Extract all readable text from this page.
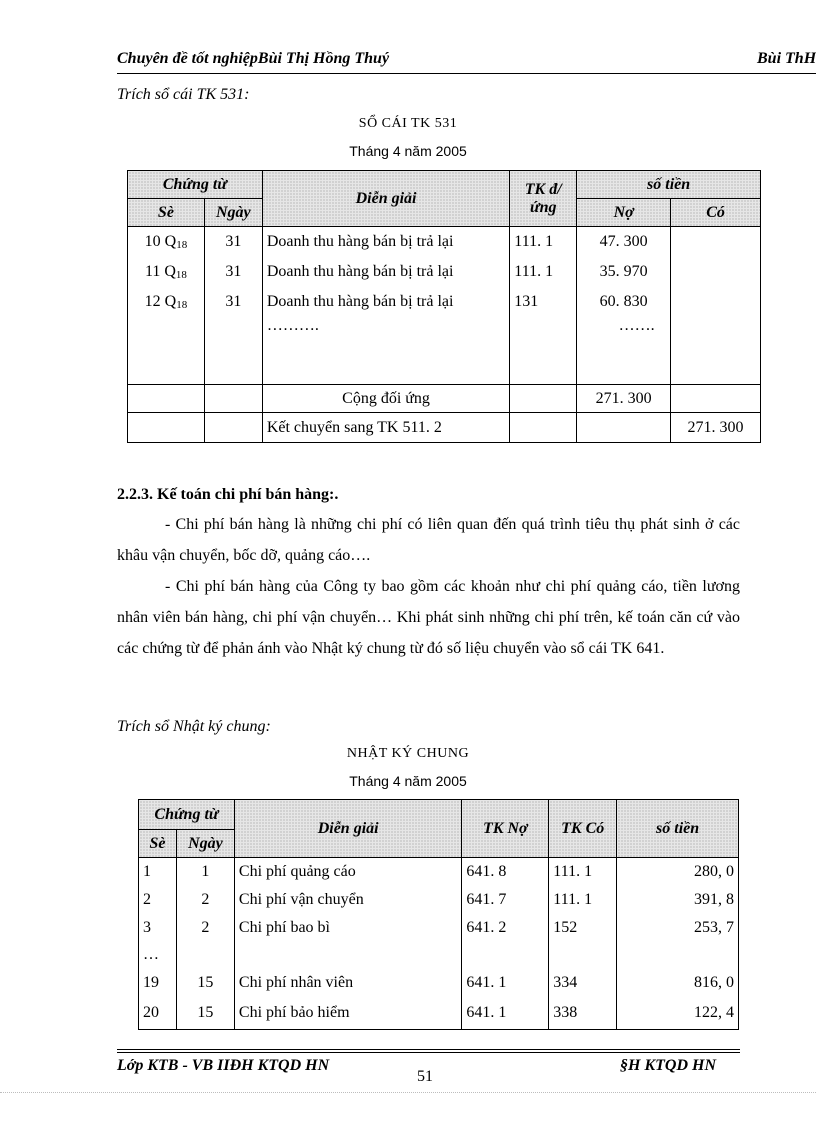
Chuyên đề tốt nghiệpBùi Thị Hồng Thuý	Bùi ThH
Trích sổ cái TK 531:
SỔ CÁI TK 531
Tháng 4 năm 2005
Chứng từ		Diễn giải	TK đ/ ứng	số tiền	
Sè	Ngày			Nợ	Có
10 $Q_{18}$	31	Doanh thu hàng bán bị trả lại	111. 1	47. 300	
11 $Q_{18}$	31	Doanh thu hàng bán bị trả lại	111. 1	35. 970	
12 $Q_{18}$	31	Doanh thu hàng bán bị trả lại	131	60. 830	
		……….		…….	
		Cộng đối ứng		271. 300	
		Kết chuyển sang TK 511. 2			271. 300
2.2.3. Kế toán chi phí bán hàng:.

- Chi phí bán hàng là những chi phí có liên quan đến quá trình tiêu thụ phát sinh ở các khâu vận chuyển, bốc dỡ, quảng cáo….

- Chi phí bán hàng của Công ty bao gồm các khoản như chi phí quảng cáo, tiền lương nhân viên bán hàng, chi phí vận chuyển… Khi phát sinh những chi phí trên, kế toán căn cứ vào các chứng từ để phản ánh vào Nhật ký chung từ đó số liệu chuyển vào sổ cái TK 641.

Trích sổ Nhật ký chung:
NHẬT KÝ CHUNG
Tháng 4 năm 2005
Chứng từ		Diễn giải	TK Nợ	TK Có	số tiền
Sè	Ngày				
1	1	Chi phí quảng cáo	641. 8	111. 1	280, 0
2	2	Chi phí vận chuyển	641. 7	111. 1	391, 8
3	2	Chi phí bao bì	641. 2	152	253, 7
…					
19	15	Chi phí nhân viên	641. 1	334	816, 0
20	15	Chi phí bảo hiểm	641. 1	338	122, 4
Lớp KTB - VB IIĐH KTQD HN
51
§H KTQD HN
